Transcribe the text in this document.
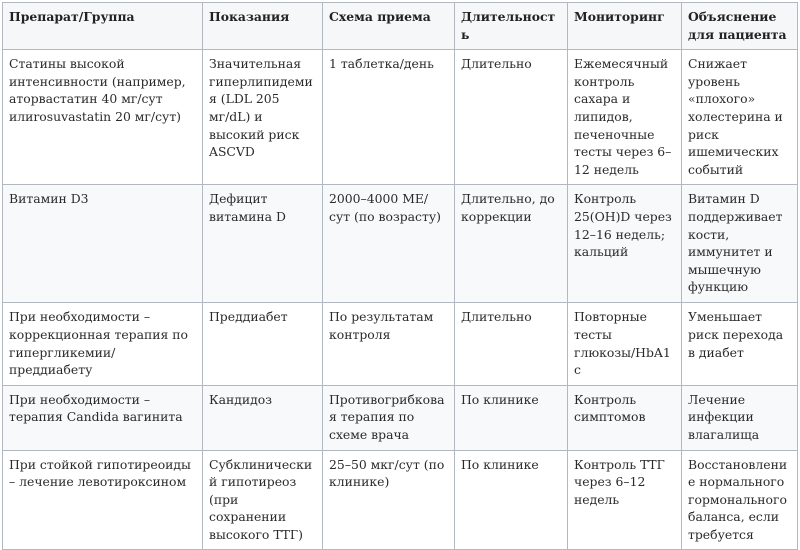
Препарат/Группа	Показания	Схема приема	Длительность	Мониторинг	Объяснение для пациента
Статины высокой интенсивности (например, аторвастатин 40 мг/сут илиrosuvastatin 20 мг/сут)	Значительная гиперлипидемия (LDL 205 мг/dL) и высокий риск ASCVD	1 таблетка/день	Длительно	Ежемесячный контроль сахара и липидов, печеночные тесты через 6–12 недель	Снижает уровень «плохого» холестерина и риск ишемических событий
Витамин D3	Дефицит витамина D	2000–4000 МЕ/сут (по возрасту)	Длительно, до коррекции	Контроль 25(OH)D через 12–16 недель; кальций	Витамин D поддерживает кости, иммунитет и мышечную функцию
При необходимости – коррекционная терапия по гипергликемии/преддиабету	Преддиабет	По результатам контроля	Длительно	Повторные тесты глюкозы/HbA1c	Уменьшает риск перехода в диабет
При необходимости – терапия Candida вагинита	Кандидоз	Противогрибковая терапия по схеме врача	По клинике	Контроль симптомов	Лечение инфекции влагалища
При стойкой гипотиреоиды – лечение левотироксином	Субклинический гипотиреоз (при сохранении высокого ТТГ)	25–50 мкг/сут (по клинике)	По клинике	Контроль ТТГ через 6–12 недель	Восстановление нормального гормонального баланса, если требуется
